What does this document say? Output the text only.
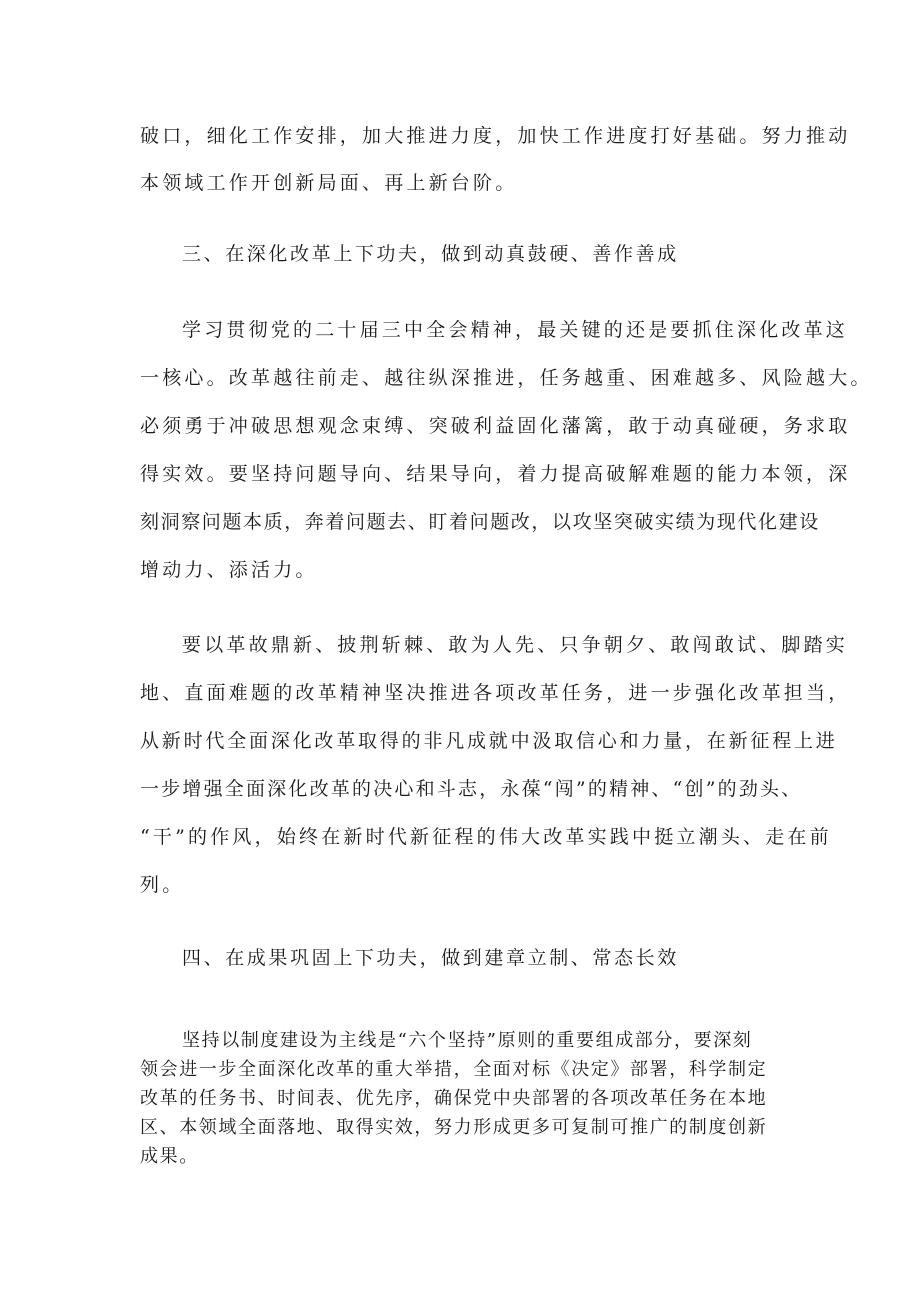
破口，细化工作安排，加大推进力度，加快工作进度打好基础。努力推动

本领域工作开创新局面、再上新台阶。

三、在深化改革上下功夫，做到动真鼓硬、善作善成

学习贯彻党的二十届三中全会精神，最关键的还是要抓住深化改革这

一核心。改革越往前走、越往纵深推进，任务越重、困难越多、风险越大。

必须勇于冲破思想观念束缚、突破利益固化藩篱，敢于动真碰硬，务求取

得实效。要坚持问题导向、结果导向，着力提高破解难题的能力本领，深

刻洞察问题本质，奔着问题去、盯着问题改，以攻坚突破实绩为现代化建设

增动力、添活力。

要以革故鼎新、披荆斩棘、敢为人先、只争朝夕、敢闯敢试、脚踏实

地、直面难题的改革精神坚决推进各项改革任务，进一步强化改革担当，

从新时代全面深化改革取得的非凡成就中汲取信心和力量，在新征程上进

一步增强全面深化改革的决心和斗志，永葆“闯”的精神、“创”的劲头、

“干”的作风，始终在新时代新征程的伟大改革实践中挺立潮头、走在前

列。

四、在成果巩固上下功夫，做到建章立制、常态长效

坚持以制度建设为主线是“六个坚持”原则的重要组成部分，要深刻

领会进一步全面深化改革的重大举措，全面对标《决定》部署，科学制定

改革的任务书、时间表、优先序，确保党中央部署的各项改革任务在本地

区、本领域全面落地、取得实效，努力形成更多可复制可推广的制度创新

成果。
